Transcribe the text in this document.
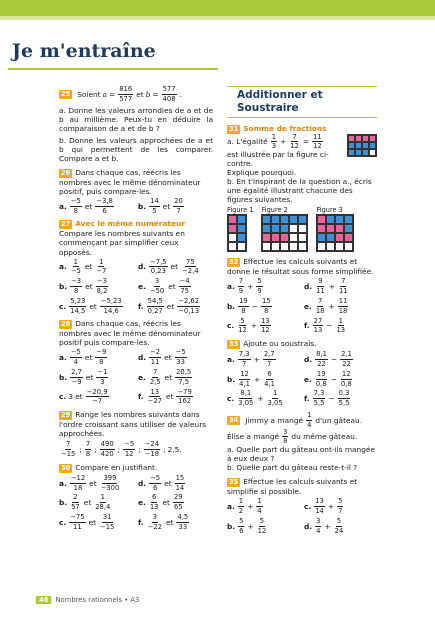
Je m'entraîne
25 Soient a =
816
577
et b =
577
408
.
a. Donne les valeurs arrondies de a et de b au millième. Peux-tu en déduire la comparaison de a et de b ?
b. Donne les valeurs approchées de a et b qui permettent de les comparer. Compare a et b.
26 Dans chaque cas, réécris les nombres avec le même dénominateur positif, puis compare-les.
a.
−5
8
et
−3,8
6
b.
14
5
et
20
7
27 Avec le même numérateur
Compare les nombres suivants en commençant par simplifier ceux opposés.
a.
1
−5
et
1
−7
d.
−7,5
0,23
et
75
−2,4
b.
−3
8
et
−3
8,2
e.
3
−50
et
−4
75
c.
5,23
14,5
et
−5,23
14,6
f.
54,5
0,27
et
−2,62
−0,13
28 Dans chaque cas, réécris les nombres avec le même dénominateur positif puis compare-les.
a.
−5
4
et
−9
8
d.
−2
11
et
−5
33
b.
2,7
−9
et
−1
3
e.
7
2,5
et
20,5
7,5
c. 3 et
−20,9
−7
f.
13
−27
et
−79
162
29 Range les nombres suivants dans l'ordre croissant sans utiliser de valeurs approchées.
7
−15
;
7
8
;
490
420
;
−5
12
;
−24
−18
; 2,5.
30 Compare en justifiant.
a.
−12
18
et
399
−300
d.
−5
6
et
15
14
b.
2
57
et
1
28,4
e.
6
13
et
29
65
c.
−75
11
et
31
−15
f.
3
−22
et
4,5
33
Additionner et Soustraire
31 Somme de fractions
a. L'égalité
1
3
+
7
12
=
11
12
est illustrée par la figure ci-contre.
Explique pourquoi.
b. En t'inspirant de la question a., écris une égalité illustrant chacune des figures suivantes.
Figure 1 Figure 2	Figure 3
32 Effectue les calculs suivants et donne le résultat sous forme simplifiée.
a.
7
9
+ $\frac{5}{9}$	d.
9
11
+ $\frac{7}{11}$
b.
19
8
− $\frac{15}{8}$	e.
7
18
+ $\frac{11}{18}$
c.
5
12
+ $\frac{13}{12}$	f.
27
13
− $\frac{1}{13}$
33 Ajoute ou soustrais.
a.
7,3
7
+ $\frac{2,7}{7}$	d.
8,1
22
− $\frac{2,1}{22}$
b.
12
4,1
+ $\frac{6}{4,1}$	e.
19
0,8
− $\frac{12}{0,8}$
c.
8,1
3,05
+ $\frac{1}{3,05}$	f.
7,3
5,5
− $\frac{0,3}{5,5}$
34 Jimmy a mangé
1
4
d'un gâteau.
Élise a mangé
3
8
du même gâteau.
a. Quelle part du gâteau ont-ils mangée à eux deux ?
b. Quelle part du gâteau reste-t-il ?
35 Effectue les calculs suivants et simplifie si possible.
a.
1
2
+ $\frac{1}{4}$	c.
13
14
+ $\frac{5}{7}$
b.
5
6
+ $\frac{5}{12}$	d.
3
4
+ $\frac{5}{24}$
46 Nombres rationnels • A3
